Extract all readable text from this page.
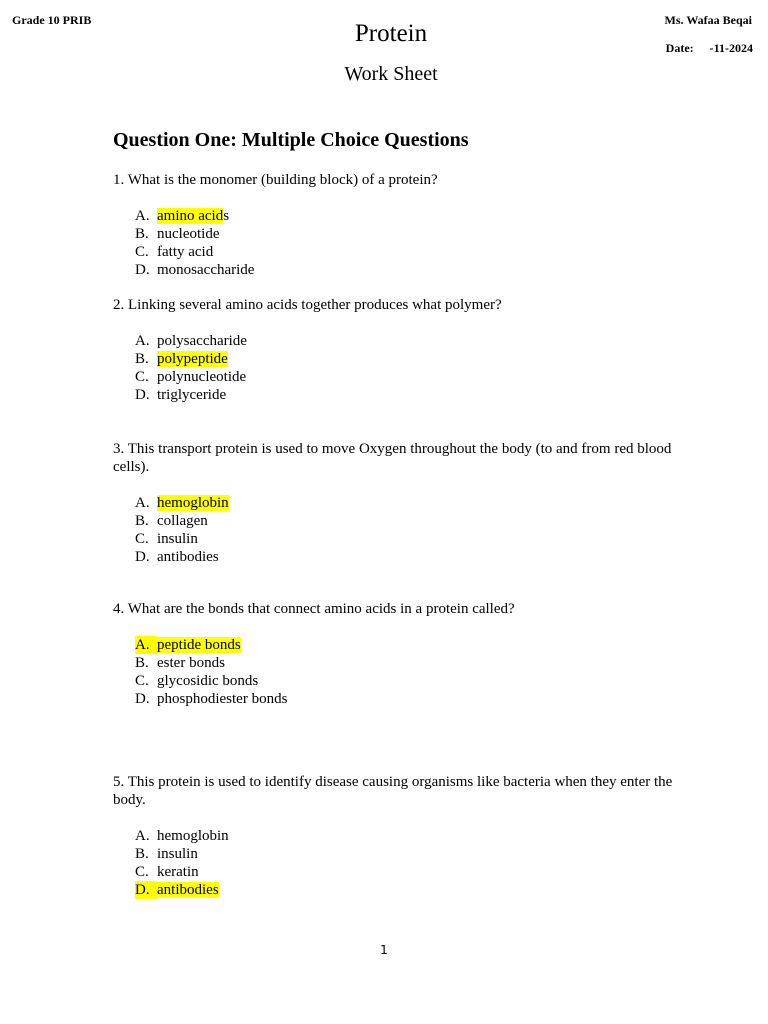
Grade 10 PRIB	Ms. Wafaa Beqai
Date: -11-2024
Protein
Work Sheet
Question One: Multiple Choice Questions

1. What is the monomer (building block) of a protein?

A. amino acids
B. nucleotide
C. fatty acid
D. monosaccharide

2. Linking several amino acids together produces what polymer?

A. polysaccharide
B. polypeptide
C. polynucleotide
D. triglyceride

3. This transport protein is used to move Oxygen throughout the body (to and from red blood cells).

A. hemoglobin
B. collagen
C. insulin
D. antibodies

4. What are the bonds that connect amino acids in a protein called?

A. peptide bonds
B. ester bonds
C. glycosidic bonds
D. phosphodiester bonds

5. This protein is used to identify disease causing organisms like bacteria when they enter the body.

A. hemoglobin
B. insulin
C. keratin
D. antibodies
1
